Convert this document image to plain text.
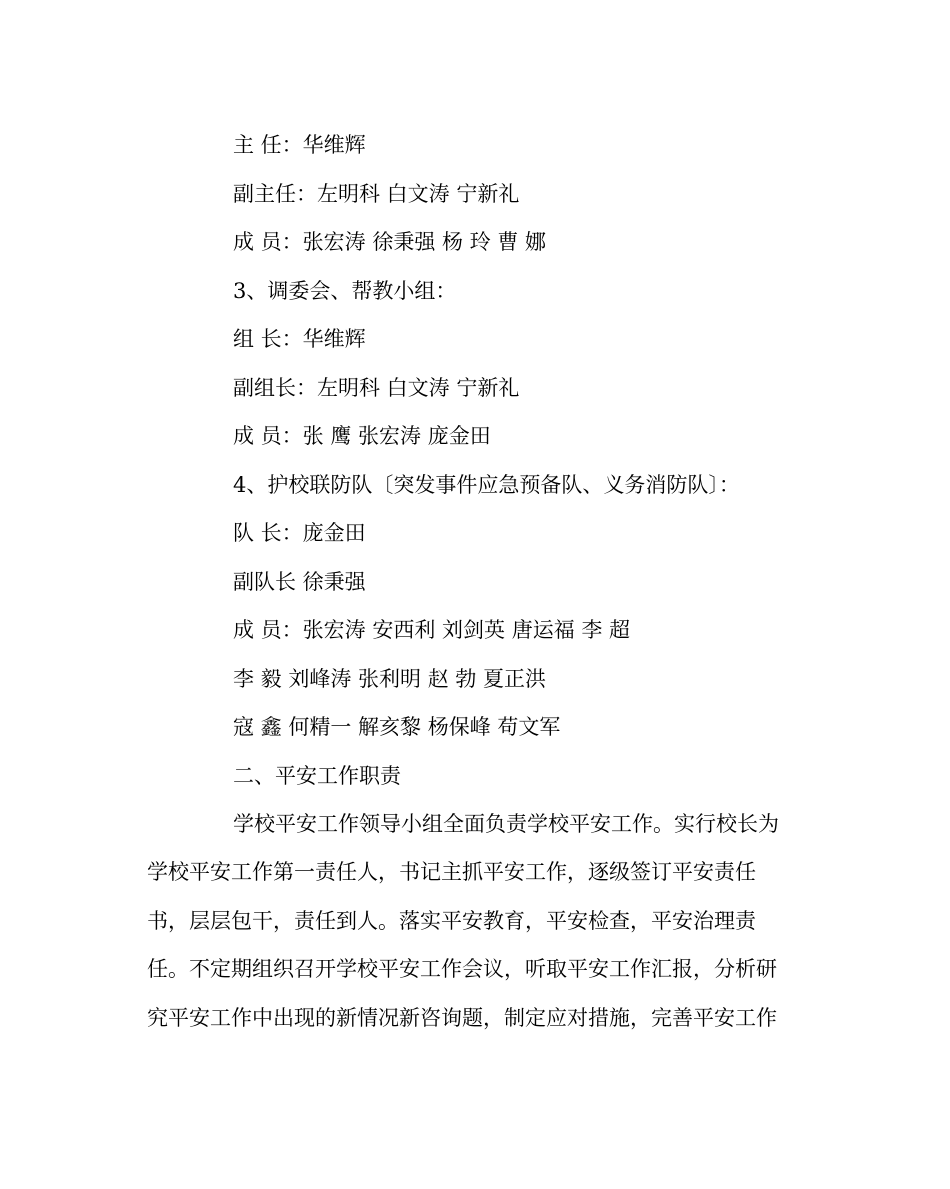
主 任：华维辉
副主任：左明科 白文涛 宁新礼
成 员：张宏涛 徐秉强 杨 玲 曹 娜
3、调委会、帮教小组：
组 长：华维辉
副组长：左明科 白文涛 宁新礼
成 员：张 鹰 张宏涛 庞金田
4、护校联防队〔突发事件应急预备队、义务消防队〕：
队 长：庞金田
副队长 徐秉强
成 员：张宏涛 安西利 刘剑英 唐运福 李 超
李 毅 刘峰涛 张利明 赵 勃 夏正洪
寇 鑫 何精一 解亥黎 杨保峰 苟文军
二、平安工作职责
学校平安工作领导小组全面负责学校平安工作。实行校长为
学校平安工作第一责任人，书记主抓平安工作，逐级签订平安责任
书，层层包干，责任到人。落实平安教育，平安检查，平安治理责
任。不定期组织召开学校平安工作会议，听取平安工作汇报，分析研
究平安工作中出现的新情况新咨询题，制定应对措施，完善平安工作
